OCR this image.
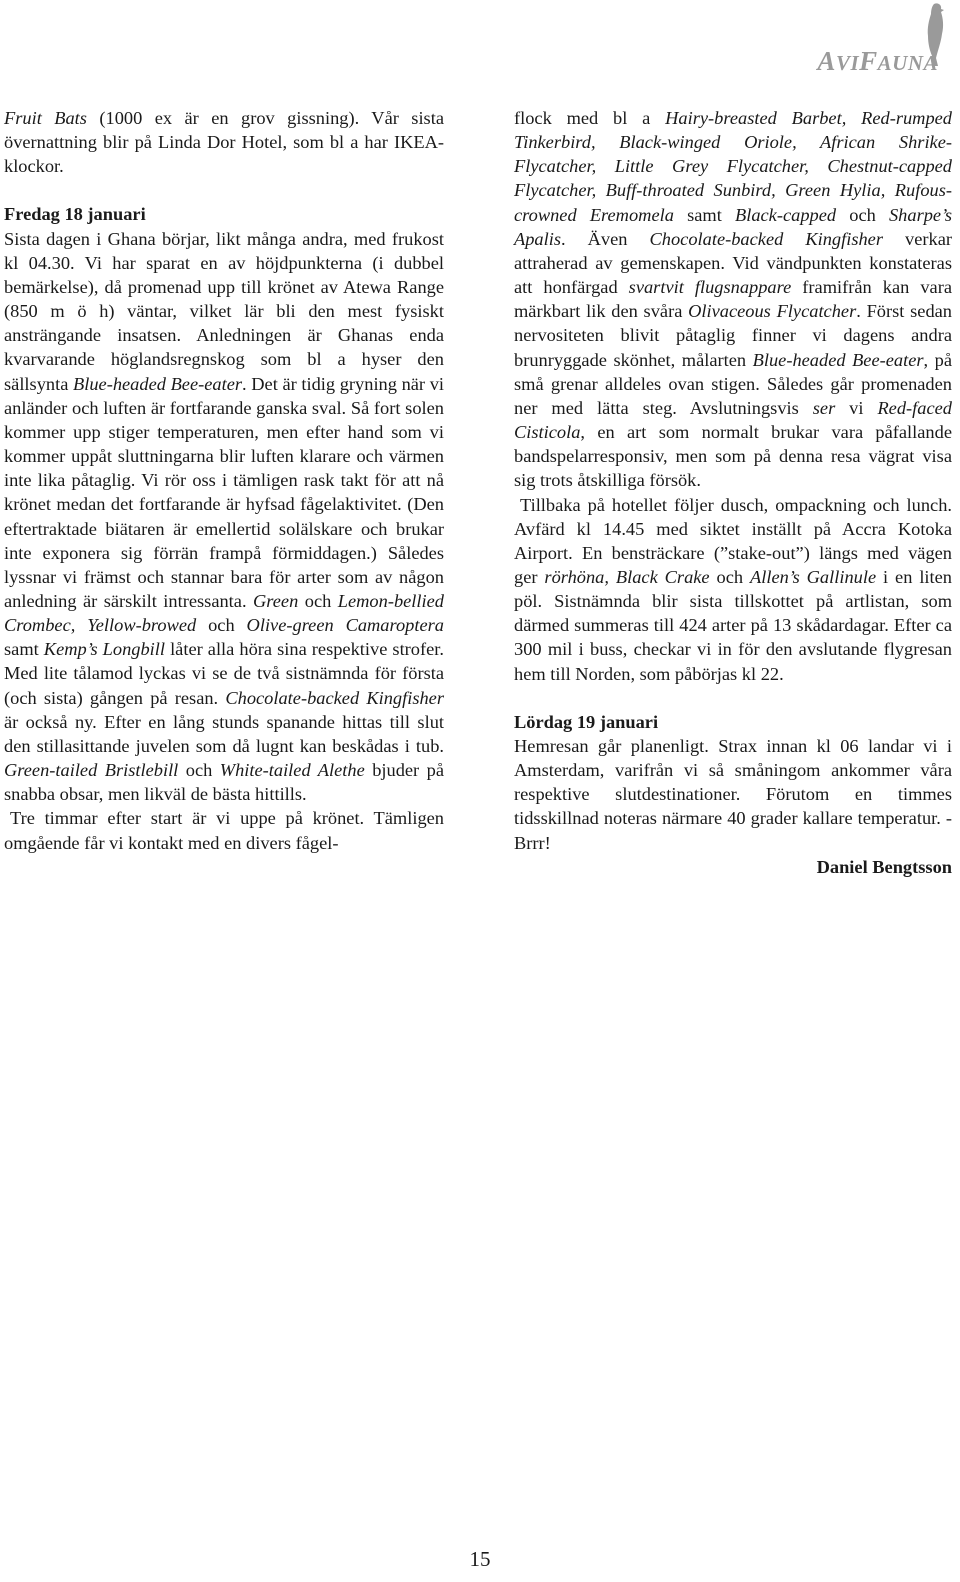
AVIFAUNA

Fruit Bats (1000 ex är en grov gissning). Vår sista övernattning blir på Linda Dor Hotel, som bl a har IKEA-klockor.

Fredag 18 januari

Sista dagen i Ghana börjar, likt många andra, med frukost kl 04.30. Vi har sparat en av höjdpunkterna (i dubbel bemärkelse), då promenad upp till krönet av Atewa Range (850 m ö h) väntar, vilket lär bli den mest fysiskt ansträngande insatsen. Anledningen är Ghanas enda kvarvarande höglandsregnskog som bl a hyser den sällsynta Blue-headed Bee-eater. Det är tidig gryning när vi anländer och luften är fortfarande ganska sval. Så fort solen kommer upp stiger temperaturen, men efter hand som vi kommer uppåt sluttningarna blir luften klarare och värmen inte lika påtaglig. Vi rör oss i tämligen rask takt för att nå krönet medan det fortfarande är hyfsad fågelaktivitet. (Den eftertraktade biätaren är emellertid solälskare och brukar inte exponera sig förrän frampå förmiddagen.) Således lyssnar vi främst och stannar bara för arter som av någon anledning är särskilt intressanta. Green och Lemon-bellied Crombec, Yellow-browed och Olive-green Camaroptera samt Kemp’s Longbill låter alla höra sina respektive strofer. Med lite tålamod lyckas vi se de två sistnämnda för första (och sista) gången på resan. Chocolate-backed Kingfisher är också ny. Efter en lång stunds spanande hittas till slut den stillasittande juvelen som då lugnt kan beskådas i tub. Green-tailed Bristlebill och White-tailed Alethe bjuder på snabba obsar, men likväl de bästa hittills.

Tre timmar efter start är vi uppe på krönet. Tämligen omgående får vi kontakt med en divers fågel-

flock med bl a Hairy-breasted Barbet, Red-rumped Tinkerbird, Black-winged Oriole, African Shrike-Flycatcher, Little Grey Flycatcher, Chestnut-capped Flycatcher, Buff-throated Sunbird, Green Hylia, Rufous-crowned Eremomela samt Black-capped och Sharpe’s Apalis. Även Chocolate-backed Kingfisher verkar attraherad av gemenskapen. Vid vändpunkten konstateras att honfärgad svartvit flugsnappare framifrån kan vara märkbart lik den svåra Olivaceous Flycatcher. Först sedan nervositeten blivit påtaglig finner vi dagens andra brunryggade skönhet, målarten Blue-headed Bee-eater, på små grenar alldeles ovan stigen. Således går promenaden ner med lätta steg. Avslutningsvis ser vi Red-faced Cisticola, en art som normalt brukar vara påfallande bandspelarresponsiv, men som på denna resa vägrat visa sig trots åtskilliga försök.

Tillbaka på hotellet följer dusch, ompackning och lunch. Avfärd kl 14.45 med siktet inställt på Accra Kotoka Airport. En bensträckare (”stake-out”) längs med vägen ger rörhöna, Black Crake och Allen’s Gallinule i en liten pöl. Sistnämnda blir sista tillskottet på artlistan, som därmed summeras till 424 arter på 13 skådardagar. Efter ca 300 mil i buss, checkar vi in för den avslutande flygresan hem till Norden, som påbörjas kl 22.

Lördag 19 januari

Hemresan går planenligt. Strax innan kl 06 landar vi i Amsterdam, varifrån vi så småningom ankommer våra respektive slutdestinationer. Förutom en timmes tidsskillnad noteras närmare 40 grader kallare temperatur. -Brrr!

Daniel Bengtsson

15
